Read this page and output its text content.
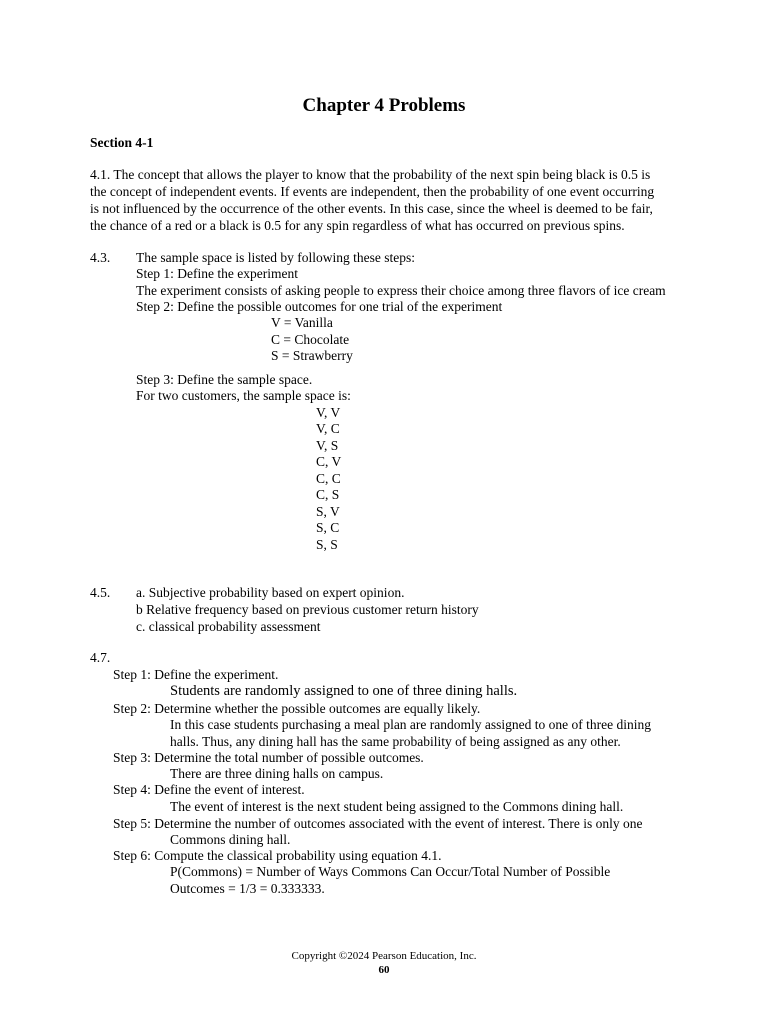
Chapter 4 Problems

Section 4-1

4.1. The concept that allows the player to know that the probability of the next spin being black is 0.5 is

the concept of independent events. If events are independent, then the probability of one event occurring

is not influenced by the occurrence of the other events. In this case, since the wheel is deemed to be fair,

the chance of a red or a black is 0.5 for any spin regardless of what has occurred on previous spins.

4.3. The sample space is listed by following these steps:

Step 1: Define the experiment

The experiment consists of asking people to express their choice among three flavors of ice cream

Step 2: Define the possible outcomes for one trial of the experiment

V = Vanilla

C = Chocolate

S = Strawberry

Step 3: Define the sample space.

For two customers, the sample space is:

V, V

V, C

V, S

C, V

C, C

C, S

S, V

S, C

S, S

4.5. a. Subjective probability based on expert opinion.

b Relative frequency based on previous customer return history

c. classical probability assessment

4.7.

Step 1: Define the experiment.

Students are randomly assigned to one of three dining halls.

Step 2: Determine whether the possible outcomes are equally likely.

In this case students purchasing a meal plan are randomly assigned to one of three dining

halls. Thus, any dining hall has the same probability of being assigned as any other.

Step 3: Determine the total number of possible outcomes.

There are three dining halls on campus.

Step 4: Define the event of interest.

The event of interest is the next student being assigned to the Commons dining hall.

Step 5: Determine the number of outcomes associated with the event of interest. There is only one

Commons dining hall.

Step 6: Compute the classical probability using equation 4.1.

P(Commons) = Number of Ways Commons Can Occur/Total Number of Possible

Outcomes = 1/3 = 0.333333.

Copyright ©2024 Pearson Education, Inc.

60
